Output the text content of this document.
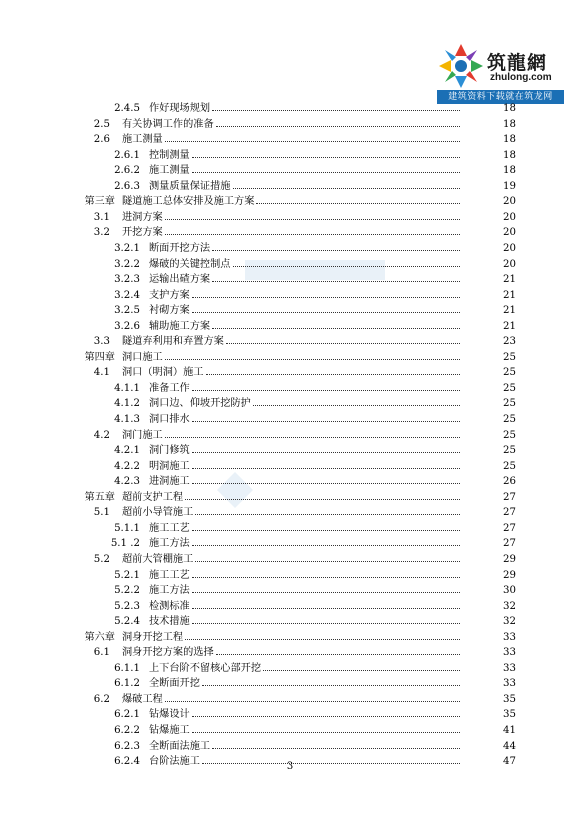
筑龍網
zhulong.com
建筑资料下载就在筑龙网
2.4.5 作好现场规划	18
2.5 有关协调工作的准备	18
2.6 施工测量	18
2.6.1 控制测量	18
2.6.2 施工测量	18
2.6.3 测量质量保证措施	19
第三章 隧道施工总体安排及施工方案	20
3.1 进洞方案	20
3.2 开挖方案	20
3.2.1 断面开挖方法	20
3.2.2 爆破的关键控制点	20
3.2.3 运输出碴方案	21
3.2.4 支护方案	21
3.2.5 衬砌方案	21
3.2.6 辅助施工方案	21
3.3 隧道弃利用和弃置方案	23
第四章 洞口施工	25
4.1 洞口（明洞）施工	25
4.1.1 准备工作	25
4.1.2 洞口边、仰坡开挖防护	25
4.1.3 洞口排水	25
4.2 洞门施工	25
4.2.1 洞门修筑	25
4.2.2 明洞施工	25
4.2.3 进洞施工	26
第五章 超前支护工程	27
5.1 超前小导管施工	27
5.1.1 施工工艺	27
5.1 .2 施工方法	27
5.2 超前大管棚施工	29
5.2.1 施工工艺	29
5.2.2 施工方法	30
5.2.3 检测标准	32
5.2.4 技术措施	32
第六章 洞身开挖工程	33
6.1 洞身开挖方案的选择	33
6.1.1 上下台阶不留核心部开挖	33
6.1.2 全断面开挖	33
6.2 爆破工程	35
6.2.1 钻爆设计	35
6.2.2 钻爆施工	41
6.2.3 全断面法施工	44
6.2.4 台阶法施工	47
3
